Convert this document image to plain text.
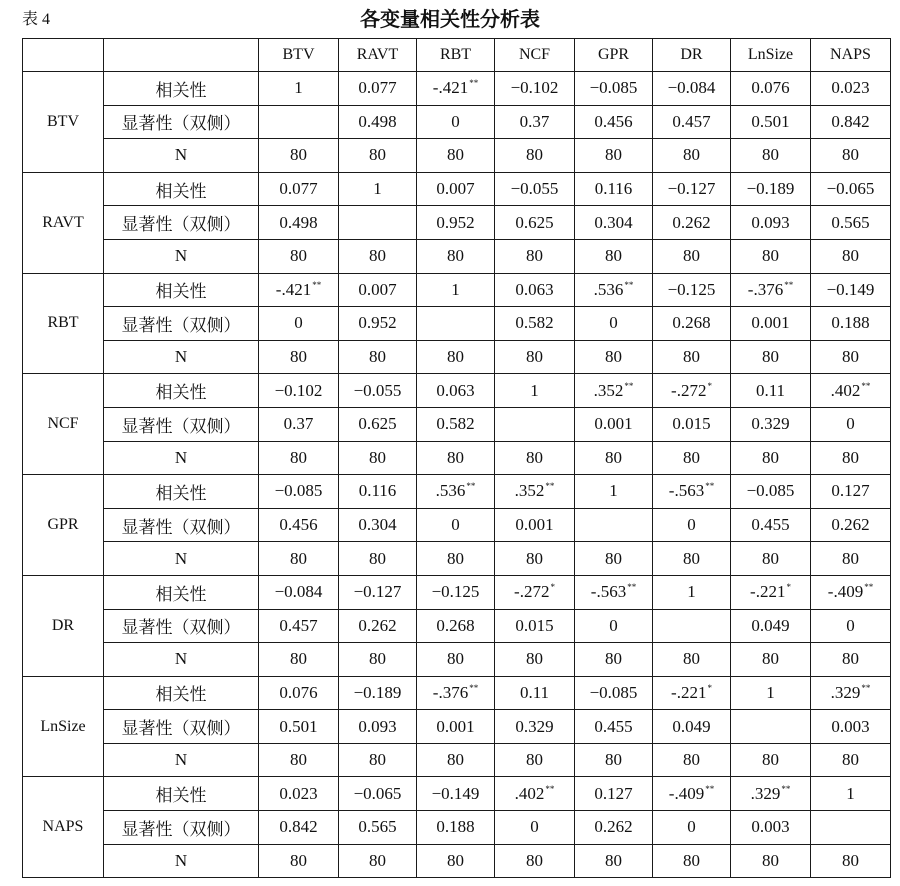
表 4	各变量相关性分析表
		BTV	RAVT	RBT	NCF	GPR	DR	LnSize	NAPS
BTV	相关性	1	0.077	-.421**	−0.102	−0.085	−0.084	0.076	0.023
	显著性（双侧）		0.498	0	0.37	0.456	0.457	0.501	0.842
	N	80	80	80	80	80	80	80	80
RAVT	相关性	0.077	1	0.007	−0.055	0.116	−0.127	−0.189	−0.065
	显著性（双侧）	0.498		0.952	0.625	0.304	0.262	0.093	0.565
	N	80	80	80	80	80	80	80	80
RBT	相关性	-.421**	0.007	1	0.063	.536**	−0.125	-.376**	−0.149
	显著性（双侧）	0	0.952		0.582	0	0.268	0.001	0.188
	N	80	80	80	80	80	80	80	80
NCF	相关性	−0.102	−0.055	0.063	1	.352**	-.272*	0.11	.402**
	显著性（双侧）	0.37	0.625	0.582		0.001	0.015	0.329	0
	N	80	80	80	80	80	80	80	80
GPR	相关性	−0.085	0.116	.536**	.352**	1	-.563**	−0.085	0.127
	显著性（双侧）	0.456	0.304	0	0.001		0	0.455	0.262
	N	80	80	80	80	80	80	80	80
DR	相关性	−0.084	−0.127	−0.125	-.272*	-.563**	1	-.221*	-.409**
	显著性（双侧）	0.457	0.262	0.268	0.015	0		0.049	0
	N	80	80	80	80	80	80	80	80
LnSize	相关性	0.076	−0.189	-.376**	0.11	−0.085	-.221*	1	.329**
	显著性（双侧）	0.501	0.093	0.001	0.329	0.455	0.049		0.003
	N	80	80	80	80	80	80	80	80
NAPS	相关性	0.023	−0.065	−0.149	.402**	0.127	-.409**	.329**	1
	显著性（双侧）	0.842	0.565	0.188	0	0.262	0	0.003	
	N	80	80	80	80	80	80	80	80
